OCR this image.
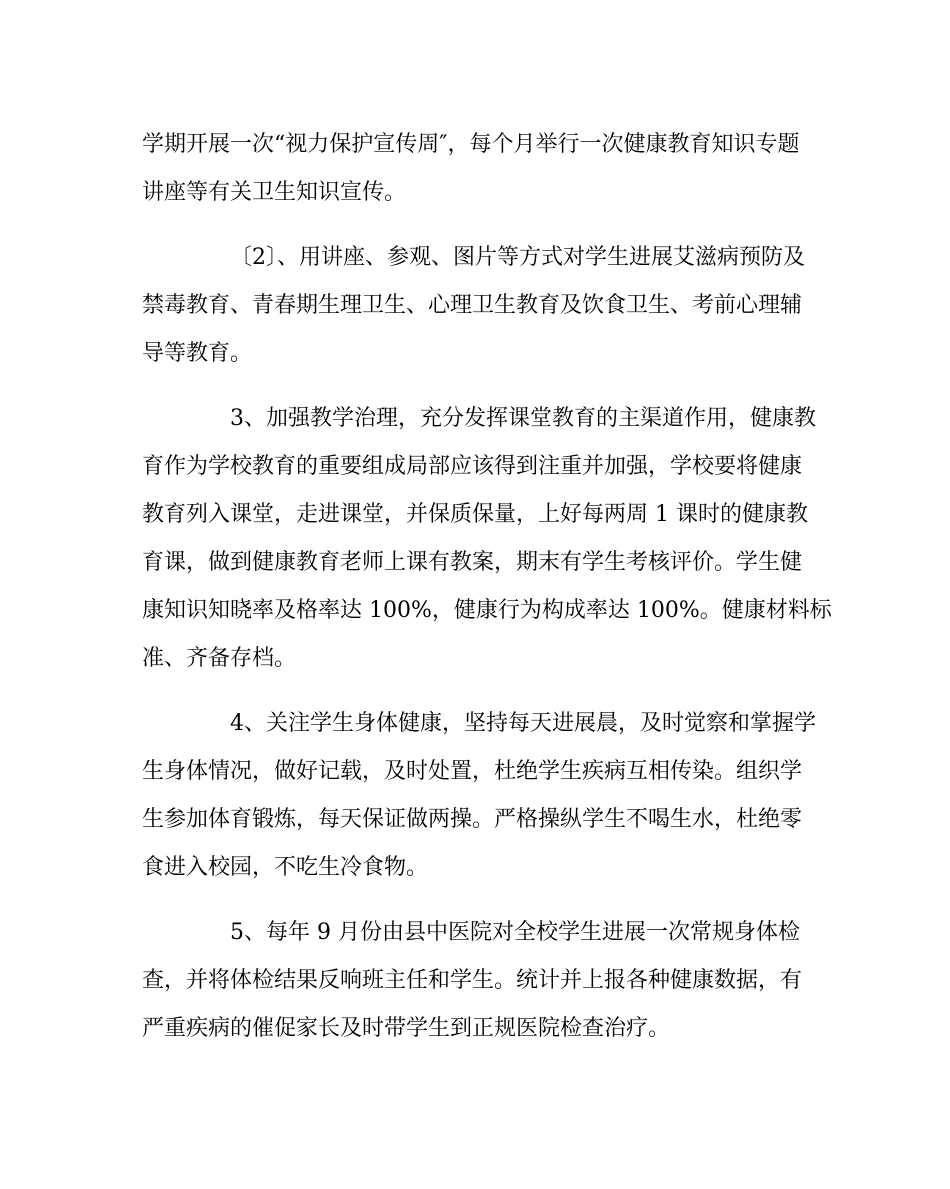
学期开展一次“视力保护宣传周″，每个月举行一次健康教育知识专题
讲座等有关卫生知识宣传。
〔2〕、用讲座、参观、图片等方式对学生进展艾滋病预防及
禁毒教育、青春期生理卫生、心理卫生教育及饮食卫生、考前心理辅
导等教育。
3、加强教学治理，充分发挥课堂教育的主渠道作用，健康教
育作为学校教育的重要组成局部应该得到注重并加强，学校要将健康
教育列入课堂，走进课堂，并保质保量，上好每两周 1 课时的健康教
育课，做到健康教育老师上课有教案，期末有学生考核评价。学生健
康知识知晓率及格率达 100%，健康行为构成率达 100%。健康材料标
准、齐备存档。
4、关注学生身体健康，坚持每天进展晨，及时觉察和掌握学
生身体情况，做好记载，及时处置，杜绝学生疾病互相传染。组织学
生参加体育锻炼，每天保证做两操。严格操纵学生不喝生水，杜绝零
食进入校园，不吃生冷食物。
5、每年 9 月份由县中医院对全校学生进展一次常规身体检
查，并将体检结果反响班主任和学生。统计并上报各种健康数据，有
严重疾病的催促家长及时带学生到正规医院检查治疗。
